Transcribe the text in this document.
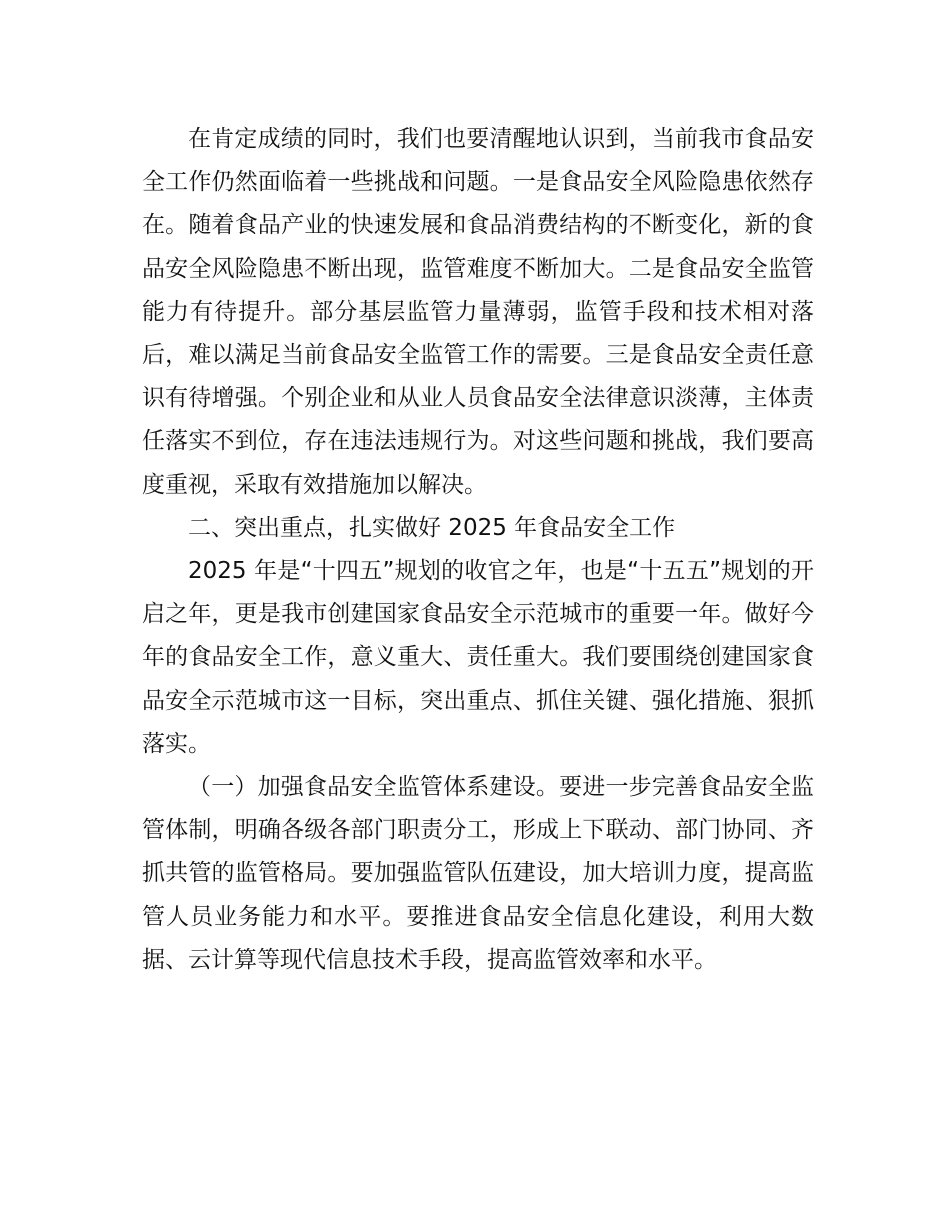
在肯定成绩的同时，我们也要清醒地认识到，当前我市食品安全工作仍然面临着一些挑战和问题。一是食品安全风险隐患依然存在。随着食品产业的快速发展和食品消费结构的不断变化，新的食品安全风险隐患不断出现，监管难度不断加大。二是食品安全监管能力有待提升。部分基层监管力量薄弱，监管手段和技术相对落后，难以满足当前食品安全监管工作的需要。三是食品安全责任意识有待增强。个别企业和从业人员食品安全法律意识淡薄，主体责任落实不到位，存在违法违规行为。对这些问题和挑战，我们要高度重视，采取有效措施加以解决。

二、突出重点，扎实做好 2025 年食品安全工作

2025 年是“十四五”规划的收官之年，也是“十五五”规划的开启之年，更是我市创建国家食品安全示范城市的重要一年。做好今年的食品安全工作，意义重大、责任重大。我们要围绕创建国家食品安全示范城市这一目标，突出重点、抓住关键、强化措施、狠抓落实。

（一）加强食品安全监管体系建设。要进一步完善食品安全监管体制，明确各级各部门职责分工，形成上下联动、部门协同、齐抓共管的监管格局。要加强监管队伍建设，加大培训力度，提高监管人员业务能力和水平。要推进食品安全信息化建设，利用大数据、云计算等现代信息技术手段，提高监管效率和水平。
